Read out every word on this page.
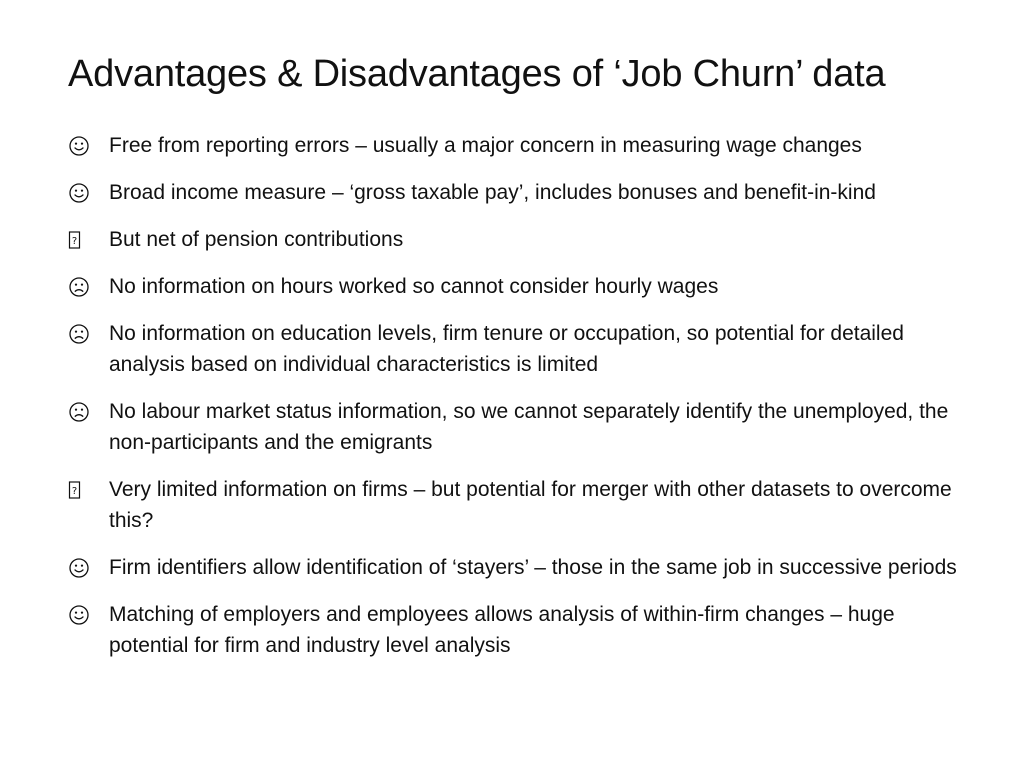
Advantages & Disadvantages of ‘Job Churn’ data
Free from reporting errors – usually a major concern in measuring wage changes
Broad income measure – ‘gross taxable pay’, includes bonuses and benefit-in-kind
? But net of pension contributions
No information on hours worked so cannot consider hourly wages
No information on education levels, firm tenure or occupation, so potential for detailed analysis based on individual characteristics is limited
No labour market status information, so we cannot separately identify the unemployed, the non-participants and the emigrants
? Very limited information on firms – but potential for merger with other datasets to overcome this?
Firm identifiers allow identification of ‘stayers’ – those in the same job in successive periods
Matching of employers and employees allows analysis of within-firm changes – huge potential for firm and industry level analysis
